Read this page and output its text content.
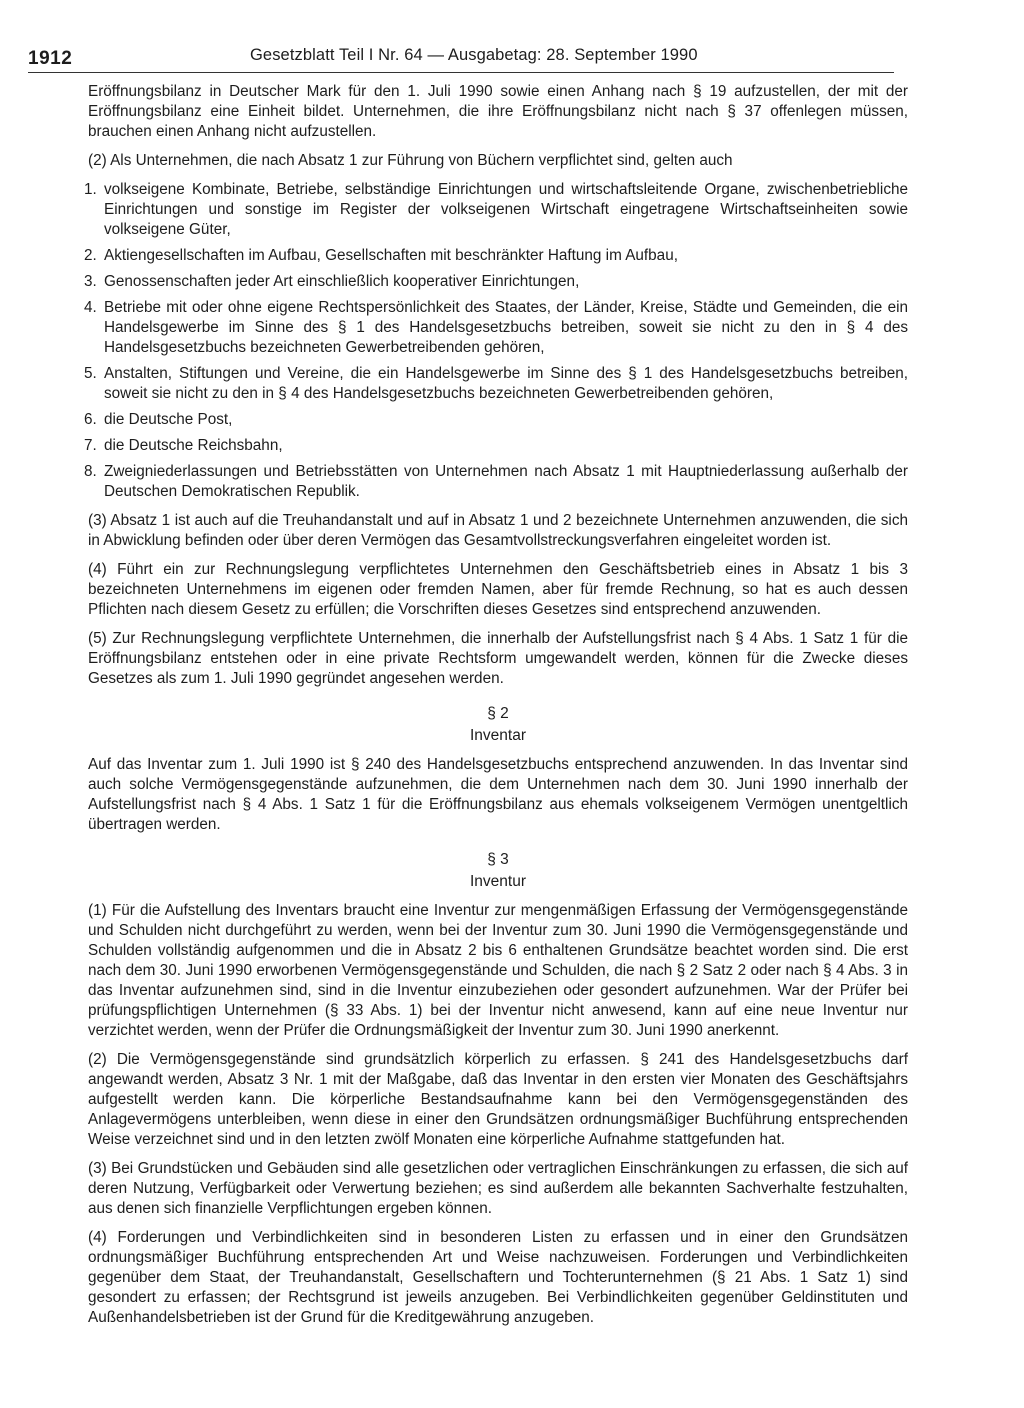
1912	Gesetzblatt Teil I Nr. 64 — Ausgabetag: 28. September 1990

Eröffnungsbilanz in Deutscher Mark für den 1. Juli 1990 sowie einen Anhang nach § 19 aufzustellen, der mit der Eröffnungsbilanz eine Einheit bildet. Unternehmen, die ihre Eröffnungsbilanz nicht nach § 37 offenlegen müssen, brauchen einen Anhang nicht aufzustellen.

(2) Als Unternehmen, die nach Absatz 1 zur Führung von Büchern verpflichtet sind, gelten auch

1. volkseigene Kombinate, Betriebe, selbständige Einrichtungen und wirtschaftsleitende Organe, zwischenbetriebliche Einrichtungen und sonstige im Register der volkseigenen Wirtschaft eingetragene Wirtschaftseinheiten sowie volkseigene Güter,
2. Aktiengesellschaften im Aufbau, Gesellschaften mit beschränkter Haftung im Aufbau,
3. Genossenschaften jeder Art einschließlich kooperativer Einrichtungen,
4. Betriebe mit oder ohne eigene Rechtspersönlichkeit des Staates, der Länder, Kreise, Städte und Gemeinden, die ein Handelsgewerbe im Sinne des § 1 des Handelsgesetzbuchs betreiben, soweit sie nicht zu den in § 4 des Handelsgesetzbuchs bezeichneten Gewerbetreibenden gehören,
5. Anstalten, Stiftungen und Vereine, die ein Handelsgewerbe im Sinne des § 1 des Handelsgesetzbuchs betreiben, soweit sie nicht zu den in § 4 des Handelsgesetzbuchs bezeichneten Gewerbetreibenden gehören,
6. die Deutsche Post,
7. die Deutsche Reichsbahn,
8. Zweigniederlassungen und Betriebsstätten von Unternehmen nach Absatz 1 mit Hauptniederlassung außerhalb der Deutschen Demokratischen Republik.

(3) Absatz 1 ist auch auf die Treuhandanstalt und auf in Absatz 1 und 2 bezeichnete Unternehmen anzuwenden, die sich in Abwicklung befinden oder über deren Vermögen das Gesamtvollstreckungsverfahren eingeleitet worden ist.

(4) Führt ein zur Rechnungslegung verpflichtetes Unternehmen den Geschäftsbetrieb eines in Absatz 1 bis 3 bezeichneten Unternehmens im eigenen oder fremden Namen, aber für fremde Rechnung, so hat es auch dessen Pflichten nach diesem Gesetz zu erfüllen; die Vorschriften dieses Gesetzes sind entsprechend anzuwenden.

(5) Zur Rechnungslegung verpflichtete Unternehmen, die innerhalb der Aufstellungsfrist nach § 4 Abs. 1 Satz 1 für die Eröffnungsbilanz entstehen oder in eine private Rechtsform umgewandelt werden, können für die Zwecke dieses Gesetzes als zum 1. Juli 1990 gegründet angesehen werden.

§ 2
Inventar

Auf das Inventar zum 1. Juli 1990 ist § 240 des Handelsgesetzbuchs entsprechend anzuwenden. In das Inventar sind auch solche Vermögensgegenstände aufzunehmen, die dem Unternehmen nach dem 30. Juni 1990 innerhalb der Aufstellungsfrist nach § 4 Abs. 1 Satz 1 für die Eröffnungsbilanz aus ehemals volkseigenem Vermögen unentgeltlich übertragen werden.

§ 3
Inventur

(1) Für die Aufstellung des Inventars braucht eine Inventur zur mengenmäßigen Erfassung der Vermögensgegenstände und Schulden nicht durchgeführt zu werden, wenn bei der Inventur zum 30. Juni 1990 die Vermögensgegenstände und Schulden vollständig aufgenommen und die in Absatz 2 bis 6 enthaltenen Grundsätze beachtet worden sind. Die erst nach dem 30. Juni 1990 erworbenen Vermögensgegenstände und Schulden, die nach § 2 Satz 2 oder nach § 4 Abs. 3 in das Inventar aufzunehmen sind, sind in die Inventur einzubeziehen oder gesondert aufzunehmen. War der Prüfer bei prüfungspflichtigen Unternehmen (§ 33 Abs. 1) bei der Inventur nicht anwesend, kann auf eine neue Inventur nur verzichtet werden, wenn der Prüfer die Ordnungsmäßigkeit der Inventur zum 30. Juni 1990 anerkennt.

(2) Die Vermögensgegenstände sind grundsätzlich körperlich zu erfassen. § 241 des Handelsgesetzbuchs darf angewandt werden, Absatz 3 Nr. 1 mit der Maßgabe, daß das Inventar in den ersten vier Monaten des Geschäftsjahrs aufgestellt werden kann. Die körperliche Bestandsaufnahme kann bei den Vermögensgegenständen des Anlagevermögens unterbleiben, wenn diese in einer den Grundsätzen ordnungsmäßiger Buchführung entsprechenden Weise verzeichnet sind und in den letzten zwölf Monaten eine körperliche Aufnahme stattgefunden hat.

(3) Bei Grundstücken und Gebäuden sind alle gesetzlichen oder vertraglichen Einschränkungen zu erfassen, die sich auf deren Nutzung, Verfügbarkeit oder Verwertung beziehen; es sind außerdem alle bekannten Sachverhalte festzuhalten, aus denen sich finanzielle Verpflichtungen ergeben können.

(4) Forderungen und Verbindlichkeiten sind in besonderen Listen zu erfassen und in einer den Grundsätzen ordnungsmäßiger Buchführung entsprechenden Art und Weise nachzuweisen. Forderungen und Verbindlichkeiten gegenüber dem Staat, der Treuhandanstalt, Gesellschaftern und Tochterunternehmen (§ 21 Abs. 1 Satz 1) sind gesondert zu erfassen; der Rechtsgrund ist jeweils anzugeben. Bei Verbindlichkeiten gegenüber Geldinstituten und Außenhandelsbetrieben ist der Grund für die Kreditgewährung anzugeben.
